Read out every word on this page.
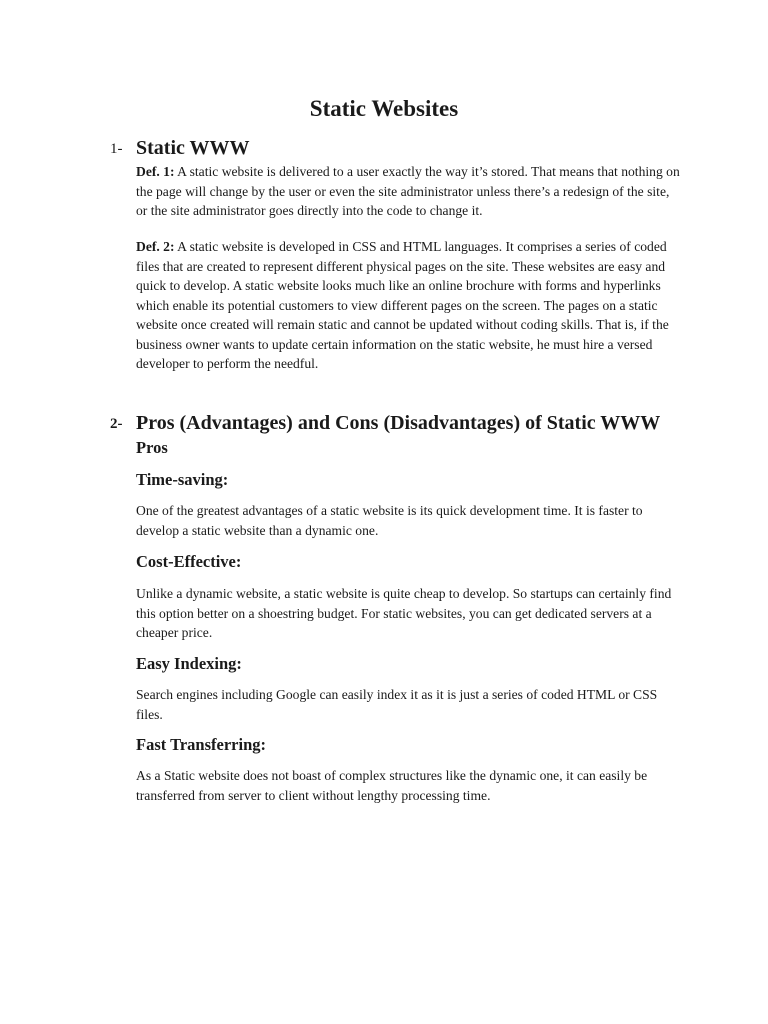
Static Websites
1- Static WWW

Def. 1: A static website is delivered to a user exactly the way it’s stored. That means that nothing on the page will change by the user or even the site administrator unless there’s a redesign of the site, or the site administrator goes directly into the code to change it.

Def. 2: A static website is developed in CSS and HTML languages. It comprises a series of coded files that are created to represent different physical pages on the site. These websites are easy and quick to develop. A static website looks much like an online brochure with forms and hyperlinks which enable its potential customers to view different pages on the screen. The pages on a static website once created will remain static and cannot be updated without coding skills. That is, if the business owner wants to update certain information on the static website, he must hire a versed developer to perform the needful.

2- Pros (Advantages) and Cons (Disadvantages) of Static WWW
Pros
Time-saving:

One of the greatest advantages of a static website is its quick development time. It is faster to develop a static website than a dynamic one.

Cost-Effective:

Unlike a dynamic website, a static website is quite cheap to develop. So startups can certainly find this option better on a shoestring budget. For static websites, you can get dedicated servers at a cheaper price.

Easy Indexing:

Search engines including Google can easily index it as it is just a series of coded HTML or CSS files.

Fast Transferring:

As a Static website does not boast of complex structures like the dynamic one, it can easily be transferred from server to client without lengthy processing time.
